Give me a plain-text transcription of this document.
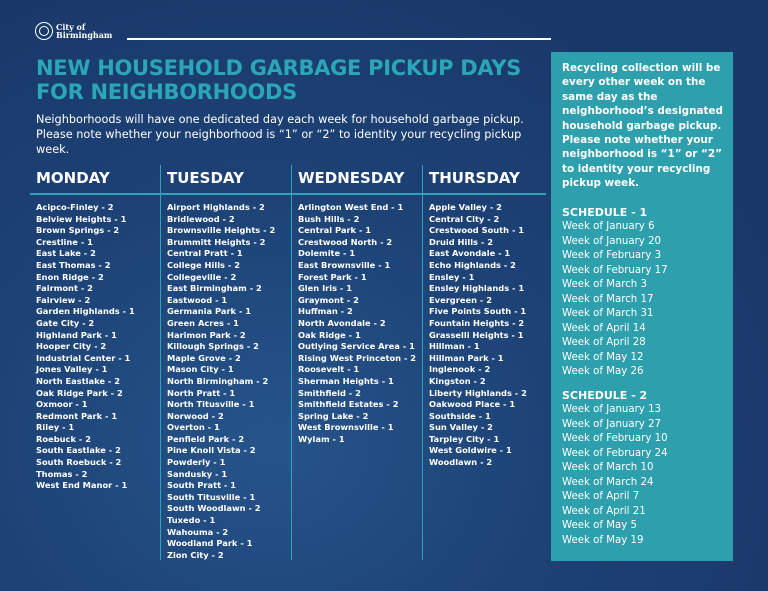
City of
Birmingham
NEW HOUSEHOLD GARBAGE PICKUP DAYS FOR NEIGHBORHOODS
Neighborhoods will have one dedicated day each week for household garbage pickup. Please note whether your neighborhood is “1” or “2” to identity your recycling pickup week.
MONDAY
Acipco-Finley - 2
Belview Heights - 1
Brown Springs - 2
Crestline - 1
East Lake - 2
East Thomas - 2
Enon Ridge - 2
Fairmont - 2
Fairview - 2
Garden Highlands - 1
Gate City - 2
Highland Park - 1
Hooper City - 2
Industrial Center - 1
Jones Valley - 1
North Eastlake - 2
Oak Ridge Park - 2
Oxmoor - 1
Redmont Park - 1
Riley - 1
Roebuck - 2
South Eastlake - 2
South Roebuck - 2
Thomas - 2
West End Manor - 1
TUESDAY
Airport Highlands - 2
Bridlewood - 2
Brownsville Heights - 2
Brummitt Heights - 2
Central Pratt - 1
College Hills - 2
Collegeville - 2
East Birmingham - 2
Eastwood - 1
Germania Park - 1
Green Acres - 1
Harimon Park - 2
Killough Springs - 2
Maple Grove - 2
Mason City - 1
North Birmingham - 2
North Pratt - 1
North Titusville - 1
Norwood - 2
Overton - 1
Penfield Park - 2
Pine Knoll Vista - 2
Powderly - 1
Sandusky - 1
South Pratt - 1
South Titusville - 1
South Woodlawn - 2
Tuxedo - 1
Wahouma - 2
Woodland Park - 1
Zion City - 2
WEDNESDAY
Arlington West End - 1
Bush Hills - 2
Central Park - 1
Crestwood North - 2
Dolemite - 1
East Brownsville - 1
Forest Park - 1
Glen Iris - 1
Graymont - 2
Huffman - 2
North Avondale - 2
Oak Ridge - 1
Outlying Service Area - 1
Rising West Princeton - 2
Roosevelt - 1
Sherman Heights - 1
Smithfield - 2
Smithfield Estates - 2
Spring Lake - 2
West Brownsville - 1
Wylam - 1
THURSDAY
Apple Valley - 2
Central City - 2
Crestwood South - 1
Druid Hills - 2
East Avondale - 1
Echo Highlands - 2
Ensley - 1
Ensley Highlands - 1
Evergreen - 2
Five Points South - 1
Fountain Heights - 2
Grasselli Heights - 1
Hillman - 1
Hillman Park - 1
Inglenook - 2
Kingston - 2
Liberty Highlands - 2
Oakwood Place - 1
Southside - 1
Sun Valley - 2
Tarpley City - 1
West Goldwire - 1
Woodlawn - 2
Recycling collection will be every other week on the same day as the neighborhood’s designated household garbage pickup. Please note whether your neighborhood is “1” or “2” to identity your recycling pickup week.
SCHEDULE - 1
Week of January 6
Week of January 20
Week of February 3
Week of February 17
Week of March 3
Week of March 17
Week of March 31
Week of April 14
Week of April 28
Week of May 12
Week of May 26
SCHEDULE - 2
Week of January 13
Week of January 27
Week of February 10
Week of February 24
Week of March 10
Week of March 24
Week of April 7
Week of April 21
Week of May 5
Week of May 19
